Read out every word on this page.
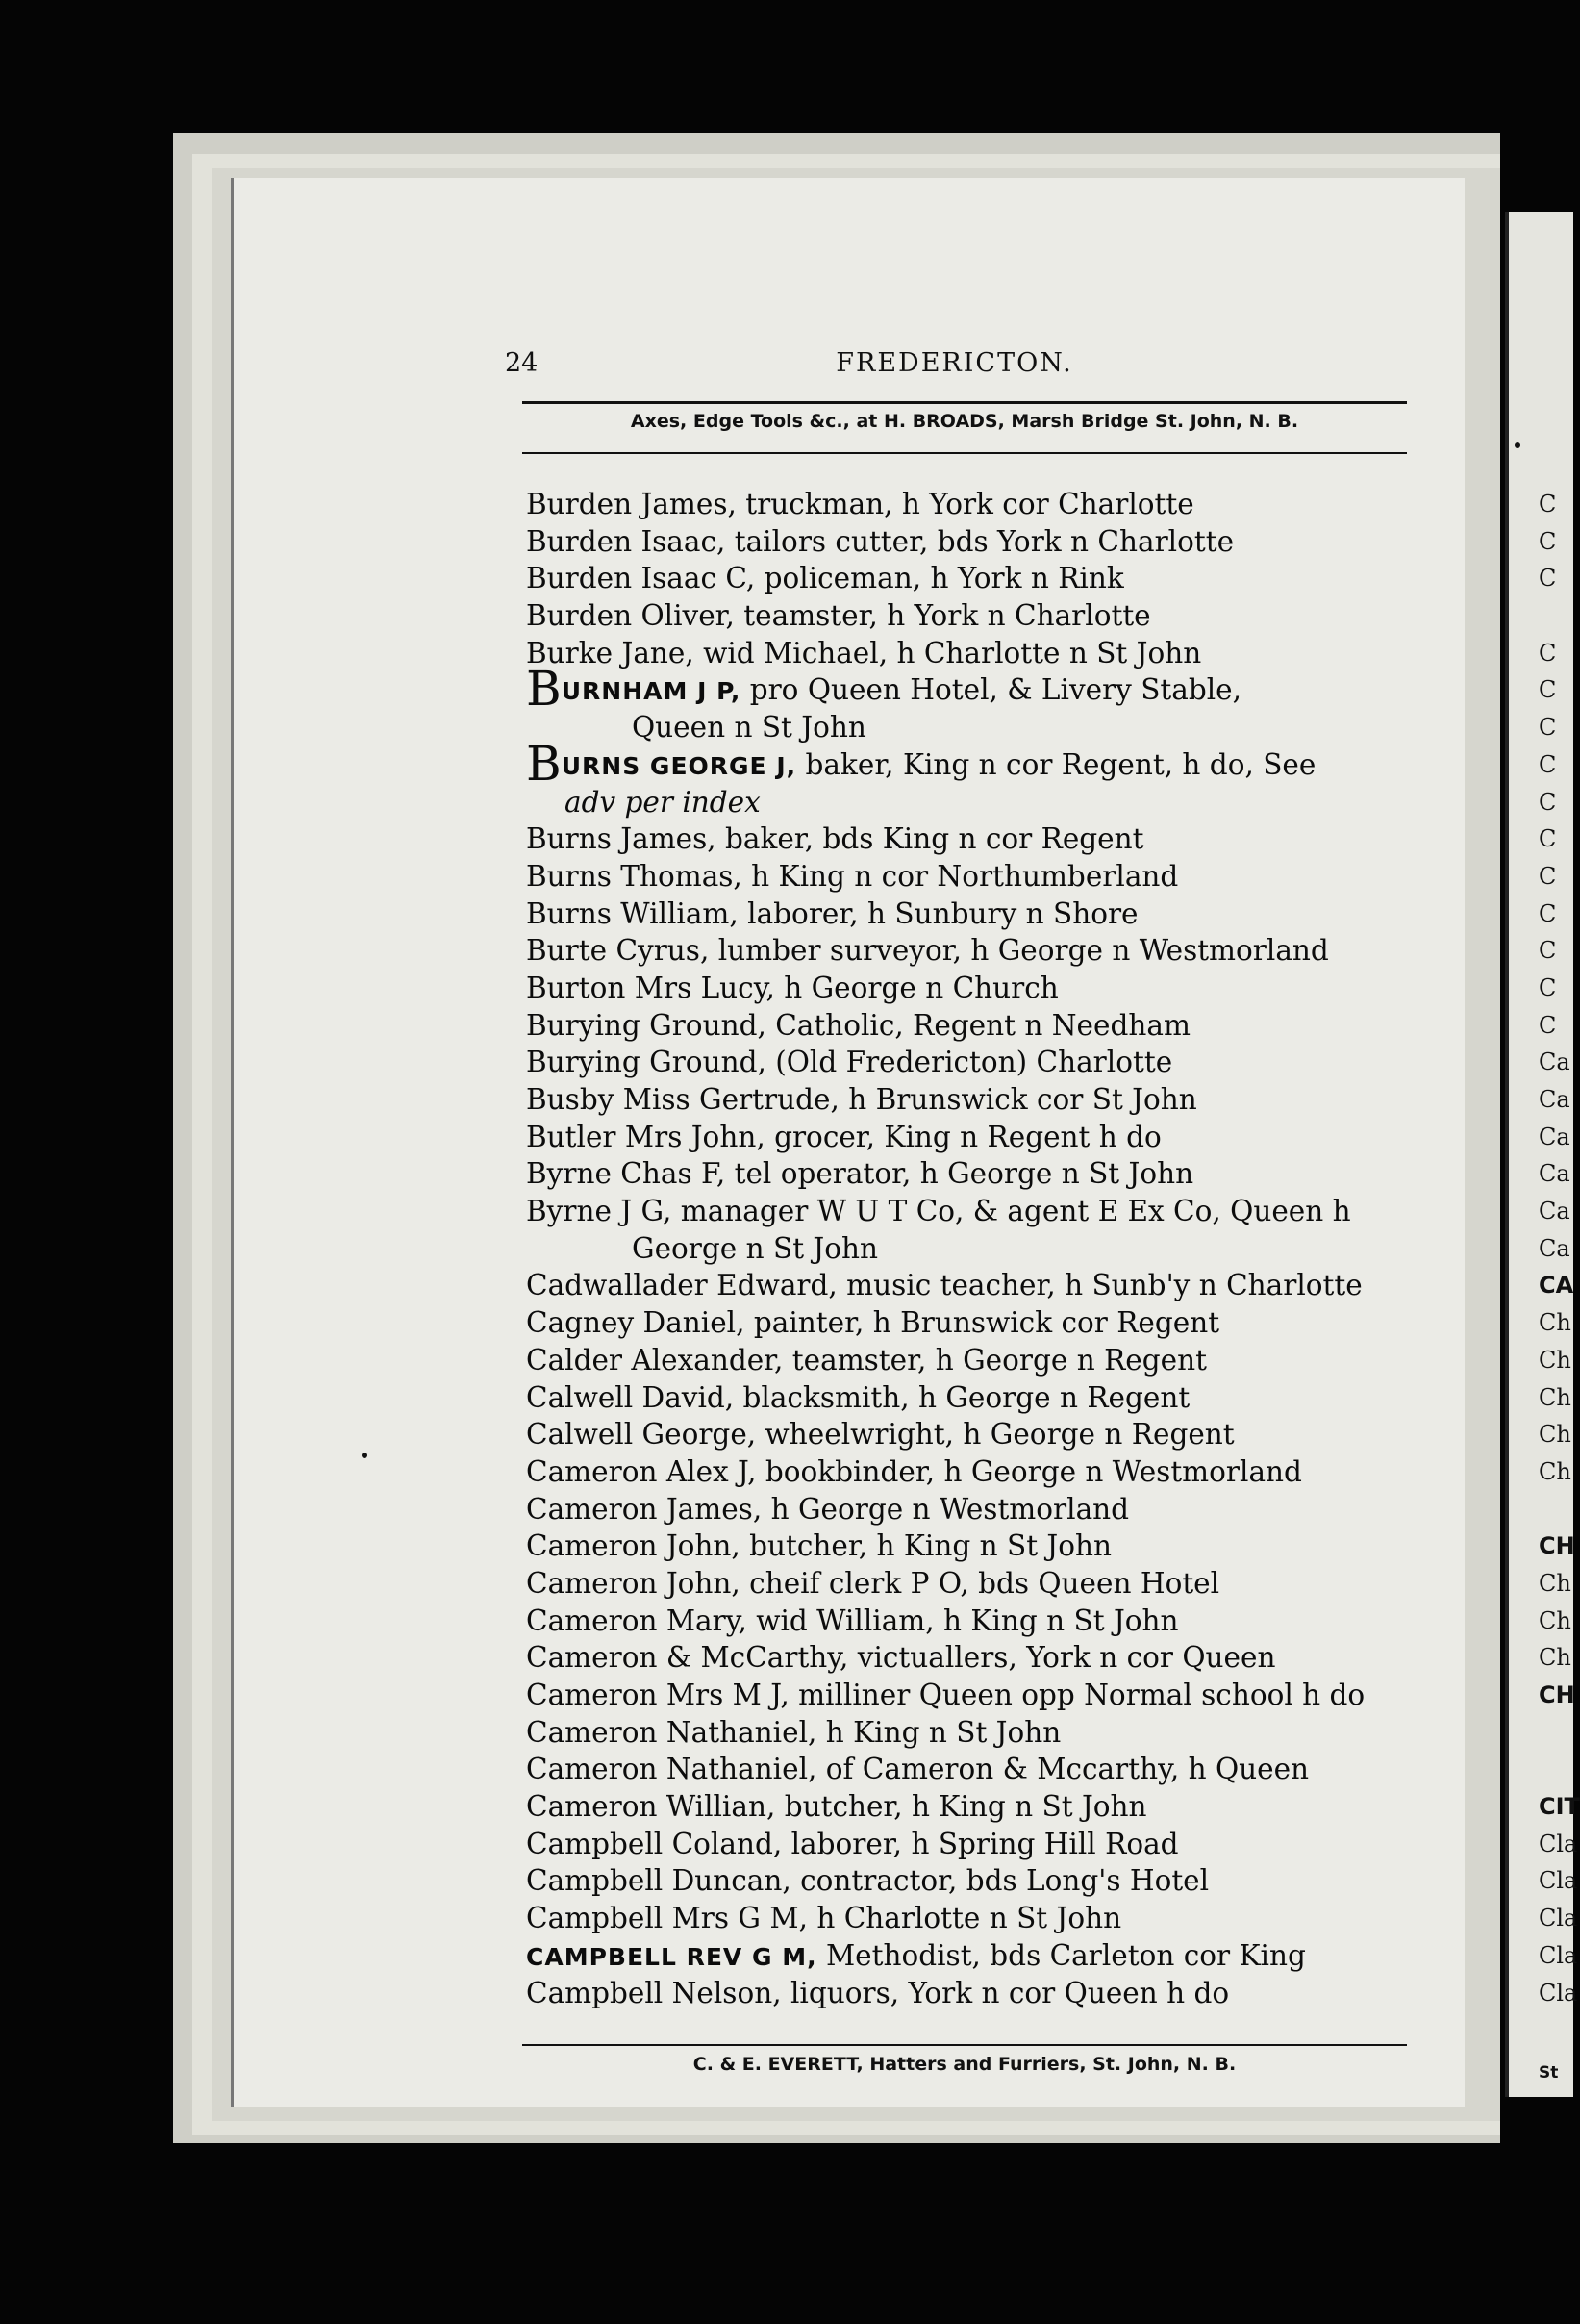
24	FREDERICTON.
Axes, Edge Tools &c., at H. BROADS, Marsh Bridge St. John, N. B.
Burden James, truckman, h York cor Charlotte
Burden Isaac, tailors cutter, bds York n Charlotte
Burden Isaac C, policeman, h York n Rink
Burden Oliver, teamster, h York n Charlotte
Burke Jane, wid Michael, h Charlotte n St John
BURNHAM J P, pro Queen Hotel, & Livery Stable,
Queen n St John
BURNS GEORGE J, baker, King n cor Regent, h do, See
adv per index
Burns James, baker, bds King n cor Regent
Burns Thomas, h King n cor Northumberland
Burns William, laborer, h Sunbury n Shore
Burte Cyrus, lumber surveyor, h George n Westmorland
Burton Mrs Lucy, h George n Church
Burying Ground, Catholic, Regent n Needham
Burying Ground, (Old Fredericton) Charlotte
Busby Miss Gertrude, h Brunswick cor St John
Butler Mrs John, grocer, King n Regent h do
Byrne Chas F, tel operator, h George n St John
Byrne J G, manager W U T Co, & agent E Ex Co, Queen h
George n St John
Cadwallader Edward, music teacher, h Sunb'y n Charlotte
Cagney Daniel, painter, h Brunswick cor Regent
Calder Alexander, teamster, h George n Regent
Calwell David, blacksmith, h George n Regent
Calwell George, wheelwright, h George n Regent
Cameron Alex J, bookbinder, h George n Westmorland
Cameron James, h George n Westmorland
Cameron John, butcher, h King n St John
Cameron John, cheif clerk P O, bds Queen Hotel
Cameron Mary, wid William, h King n St John
Cameron & McCarthy, victuallers, York n cor Queen
Cameron Mrs M J, milliner Queen opp Normal school h do
Cameron Nathaniel, h King n St John
Cameron Nathaniel, of Cameron & Mccarthy, h Queen
Cameron Willian, butcher, h King n St John
Campbell Coland, laborer, h Spring Hill Road
Campbell Duncan, contractor, bds Long's Hotel
Campbell Mrs G M, h Charlotte n St John
CAMPBELL REV G M, Methodist, bds Carleton cor King
Campbell Nelson, liquors, York n cor Queen h do
C. & E. EVERETT, Hatters and Furriers, St. John, N. B.
C
C
C
C
C
C
C
C
C
C
C
C
C
C
Ca
Ca
Ca
Ca
Ca
Ca
CA
Ch
Ch
Ch
Ch
Ch
CH
Ch
Ch
Ch
CH
CIT
Cla
Cla
Cla
Cla
Cla
St
